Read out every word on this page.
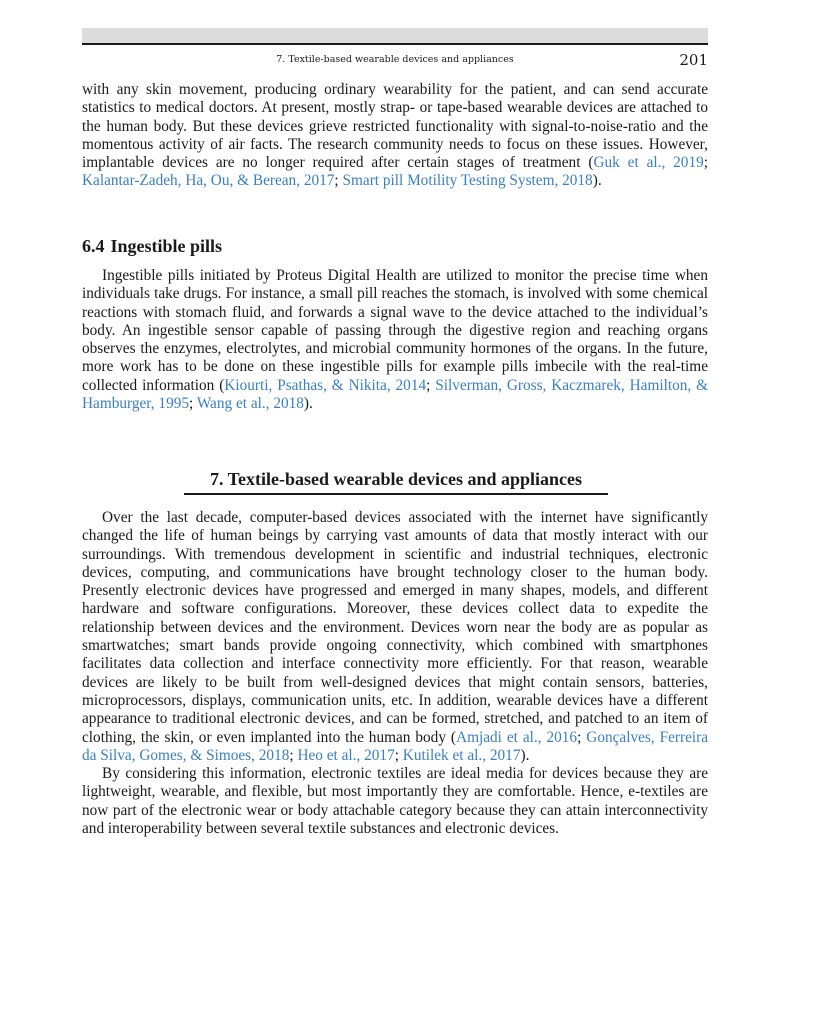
7. Textile-based wearable devices and appliances	201

with any skin movement, producing ordinary wearability for the patient, and can send accurate statistics to medical doctors. At present, mostly strap- or tape-based wearable devices are attached to the human body. But these devices grieve restricted functionality with signal-to-noise-ratio and the momentous activity of air facts. The research community needs to focus on these issues. However, implantable devices are no longer required after certain stages of treatment (Guk et al., 2019; Kalantar-Zadeh, Ha, Ou, & Berean, 2017; Smart pill Motility Testing System, 2018).

6.4 Ingestible pills

Ingestible pills initiated by Proteus Digital Health are utilized to monitor the precise time when individuals take drugs. For instance, a small pill reaches the stomach, is involved with some chemical reactions with stomach fluid, and forwards a signal wave to the device attached to the individual’s body. An ingestible sensor capable of passing through the digestive region and reaching organs observes the enzymes, electrolytes, and microbial community hormones of the organs. In the future, more work has to be done on these ingestible pills for example pills imbecile with the real-time collected information (Kiourti, Psathas, & Nikita, 2014; Silverman, Gross, Kaczmarek, Hamilton, & Hamburger, 1995; Wang et al., 2018).

7. Textile-based wearable devices and appliances

Over the last decade, computer-based devices associated with the internet have significantly changed the life of human beings by carrying vast amounts of data that mostly interact with our surroundings. With tremendous development in scientific and industrial techniques, electronic devices, computing, and communications have brought technology closer to the human body. Presently electronic devices have progressed and emerged in many shapes, models, and different hardware and software configurations. Moreover, these devices collect data to expedite the relationship between devices and the environment. Devices worn near the body are as popular as smartwatches; smart bands provide ongoing connectivity, which combined with smartphones facilitates data collection and interface connectivity more efficiently. For that reason, wearable devices are likely to be built from well-designed devices that might contain sensors, batteries, microprocessors, displays, communication units, etc. In addition, wearable devices have a different appearance to traditional electronic devices, and can be formed, stretched, and patched to an item of clothing, the skin, or even implanted into the human body (Amjadi et al., 2016; Gonçalves, Ferreira da Silva, Gomes, & Simoes, 2018; Heo et al., 2017; Kutilek et al., 2017).

By considering this information, electronic textiles are ideal media for devices because they are lightweight, wearable, and flexible, but most importantly they are comfortable. Hence, e-textiles are now part of the electronic wear or body attachable category because they can attain interconnectivity and interoperability between several textile substances and electronic devices.
